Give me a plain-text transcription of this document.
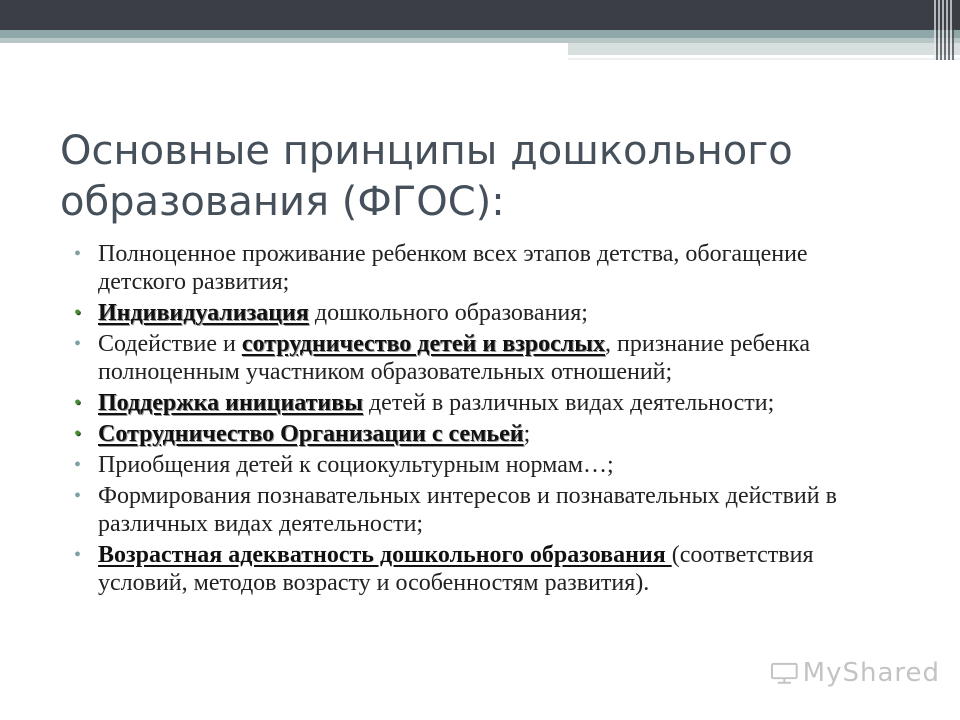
Основные принципы дошкольного
образования (ФГОС):
• Полноценное проживание ребенком всех этапов детства, обогащение детского развития;
• Индивидуализация дошкольного образования;
• Содействие и сотрудничество детей и взрослых, признание ребенка полноценным участником образовательных отношений;
• Поддержка инициативы детей в различных видах деятельности;
• Сотрудничество Организации с семьей;
• Приобщения детей к социокультурным нормам…;
• Формирования познавательных интересов и познавательных действий в различных видах деятельности;
• Возрастная адекватность дошкольного образования (соответствия условий, методов возрасту и особенностям развития).
MyShared
